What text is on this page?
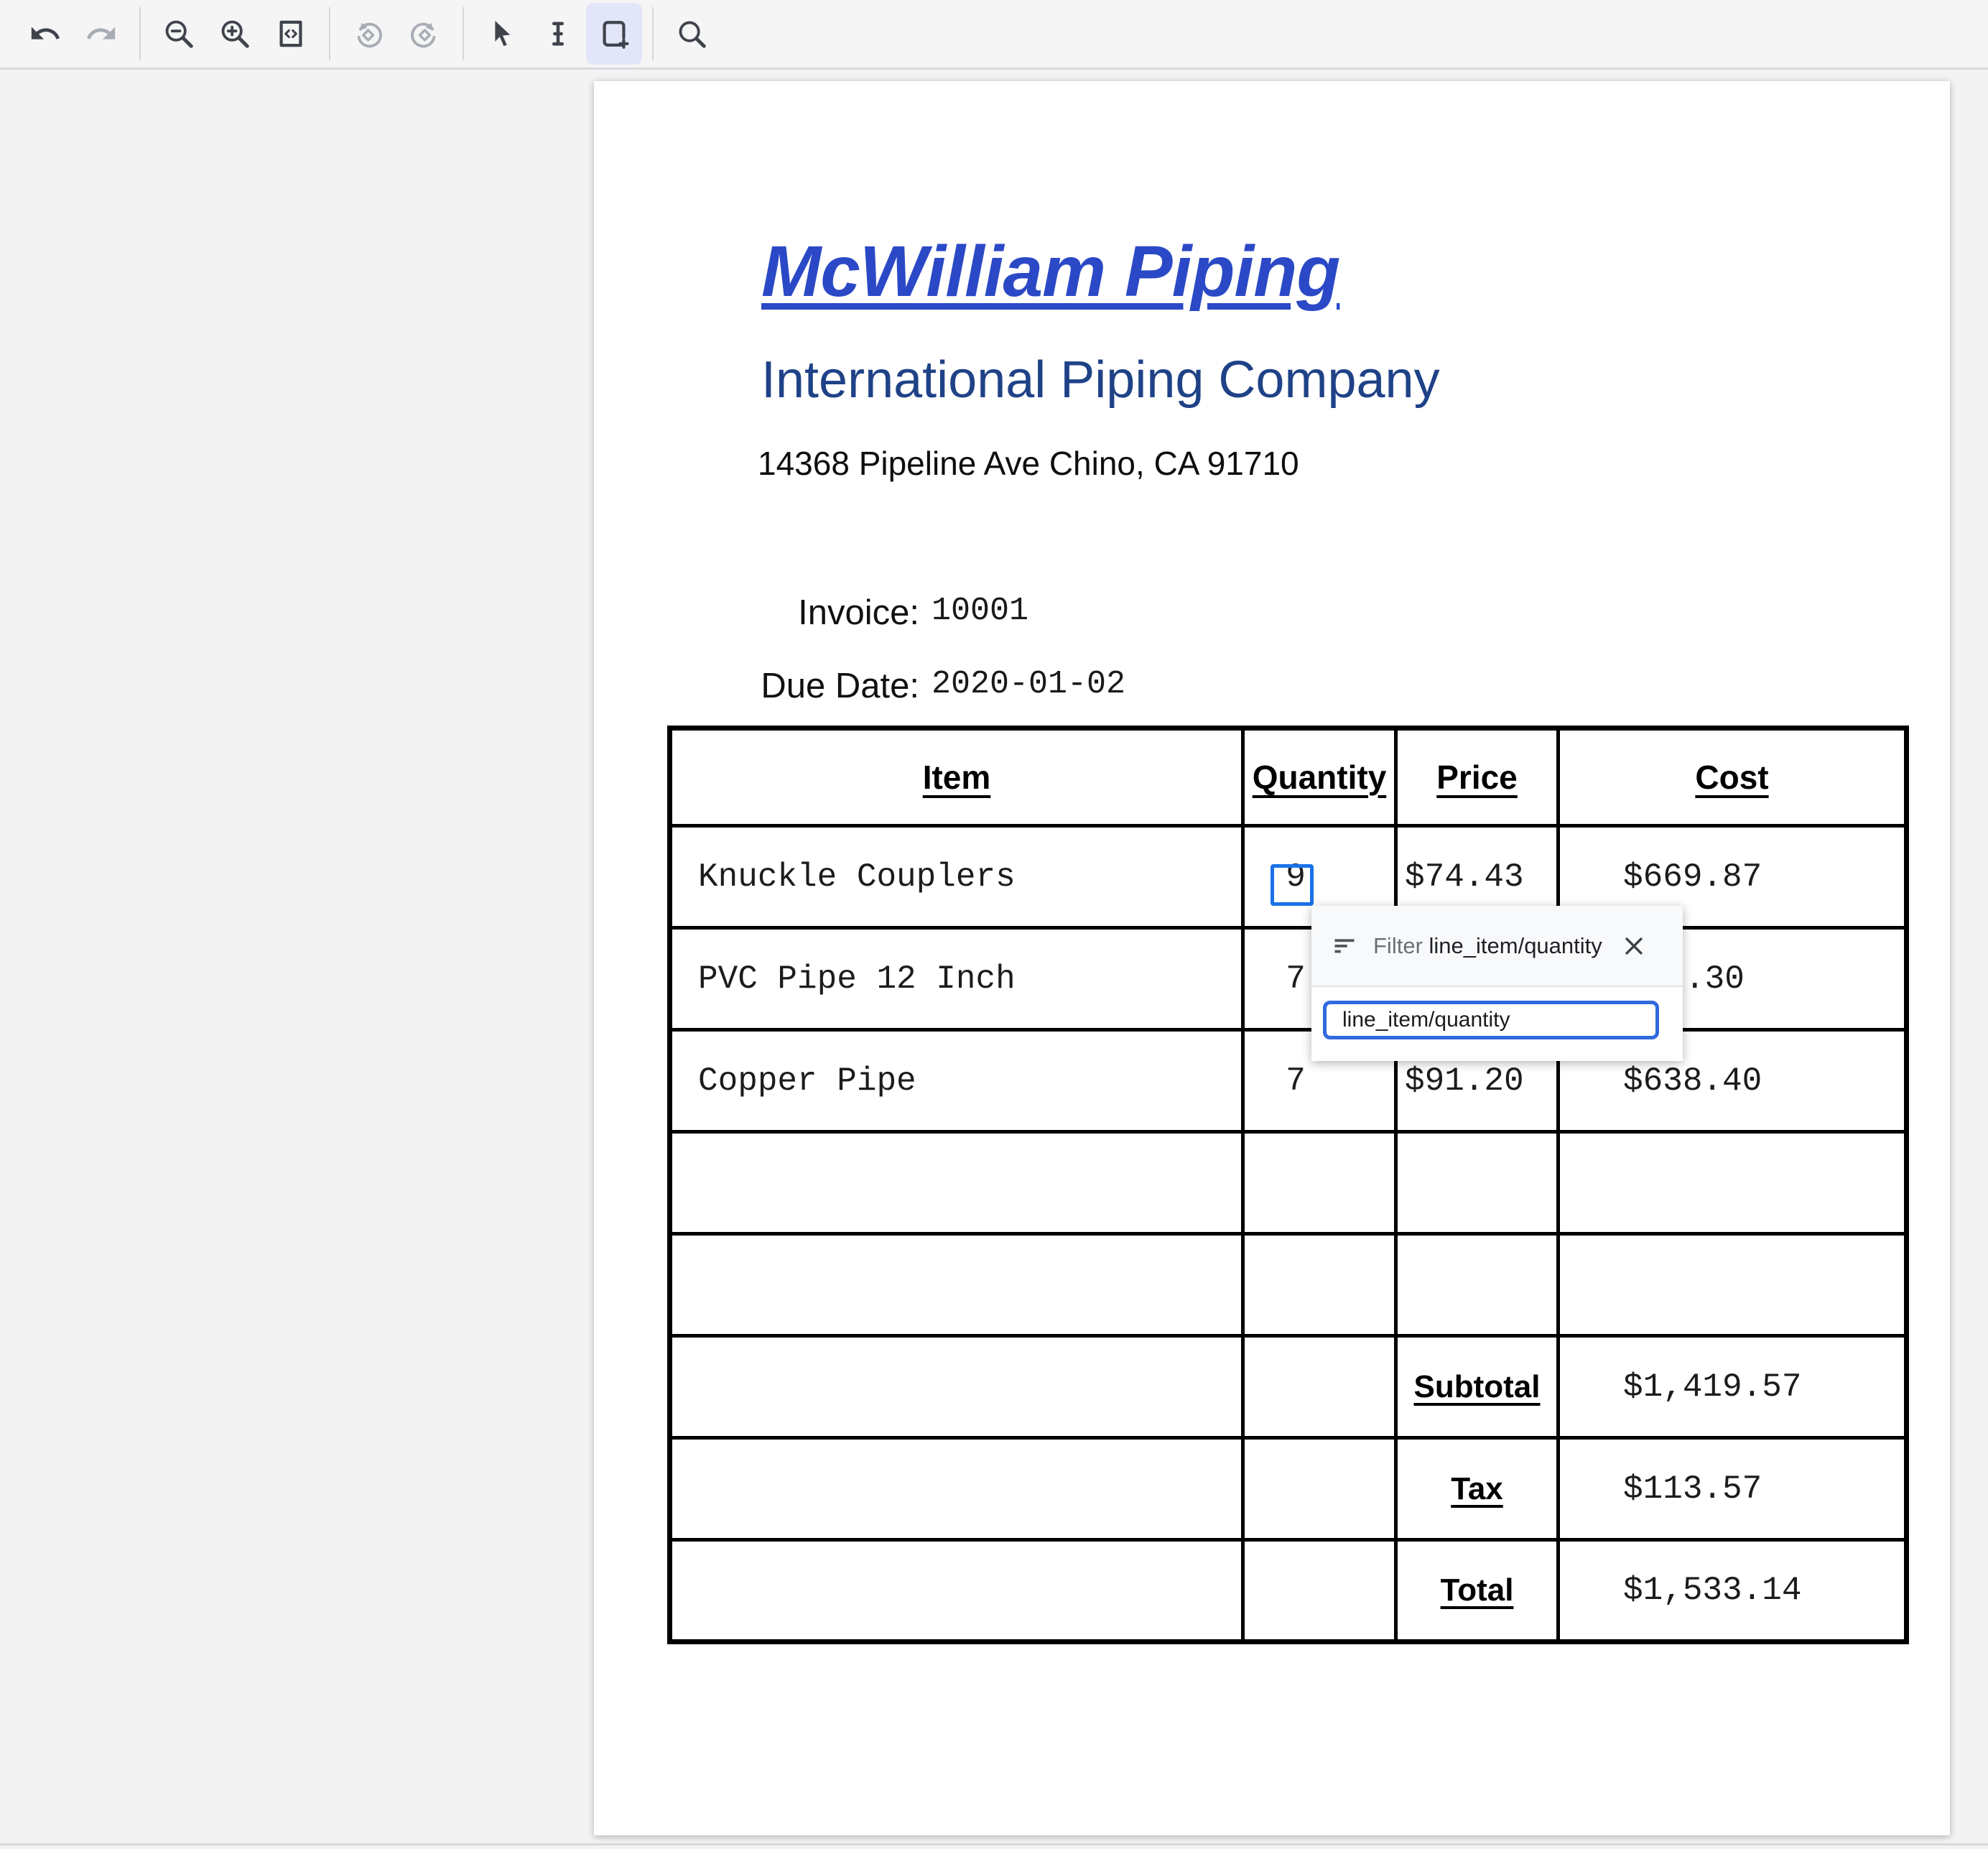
McWilliam Piping
International Piping Company
14368 Pipeline Ave Chino, CA 91710
Invoice: 10001
Due Date: 2020-01-02
Item	Quantity	Price	Cost
Knuckle Couplers	9	$74.43	$669.87
PVC Pipe 12 Inch	7		.30
Copper Pipe	7	$91.20	$638.40

		Subtotal	$1,419.57
		Tax	$113.57
		Total	$1,533.14
Filter line_item/quantity
line_item/quantity
